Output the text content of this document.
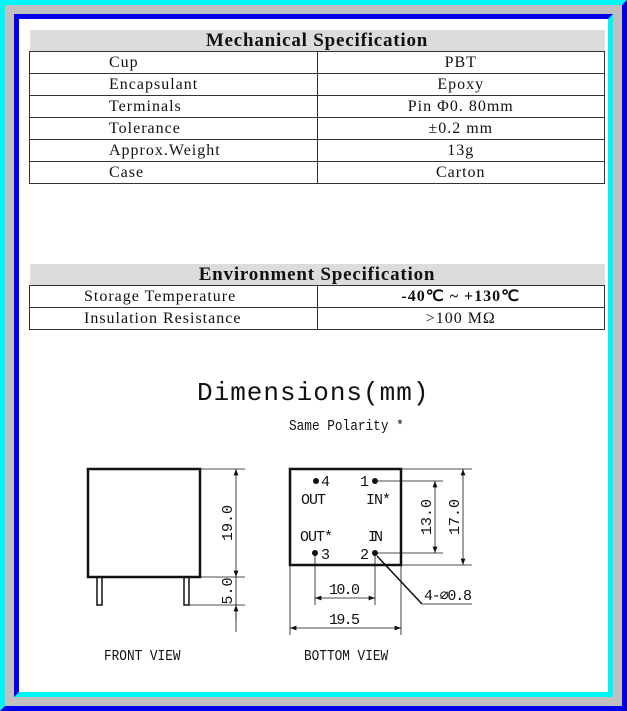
Mechanical Specification	
Cup	PBT
Encapsulant	Epoxy
Terminals	Pin Φ0. 80mm
Tolerance	±0.2 mm
Approx.Weight	13g
Case	Carton
Environment Specification	
Storage Temperature	-40℃ ~ +130℃
Insulation Resistance	>100 MΩ
Dimensions(mm)
Same Polarity *
19.0
5.0
4
OUT
1
IN*
OUT*
3
IN
2
10.0
19.5
4-∅0.8
13.0 17.0
FRONT VIEW	BOTTOM VIEW
